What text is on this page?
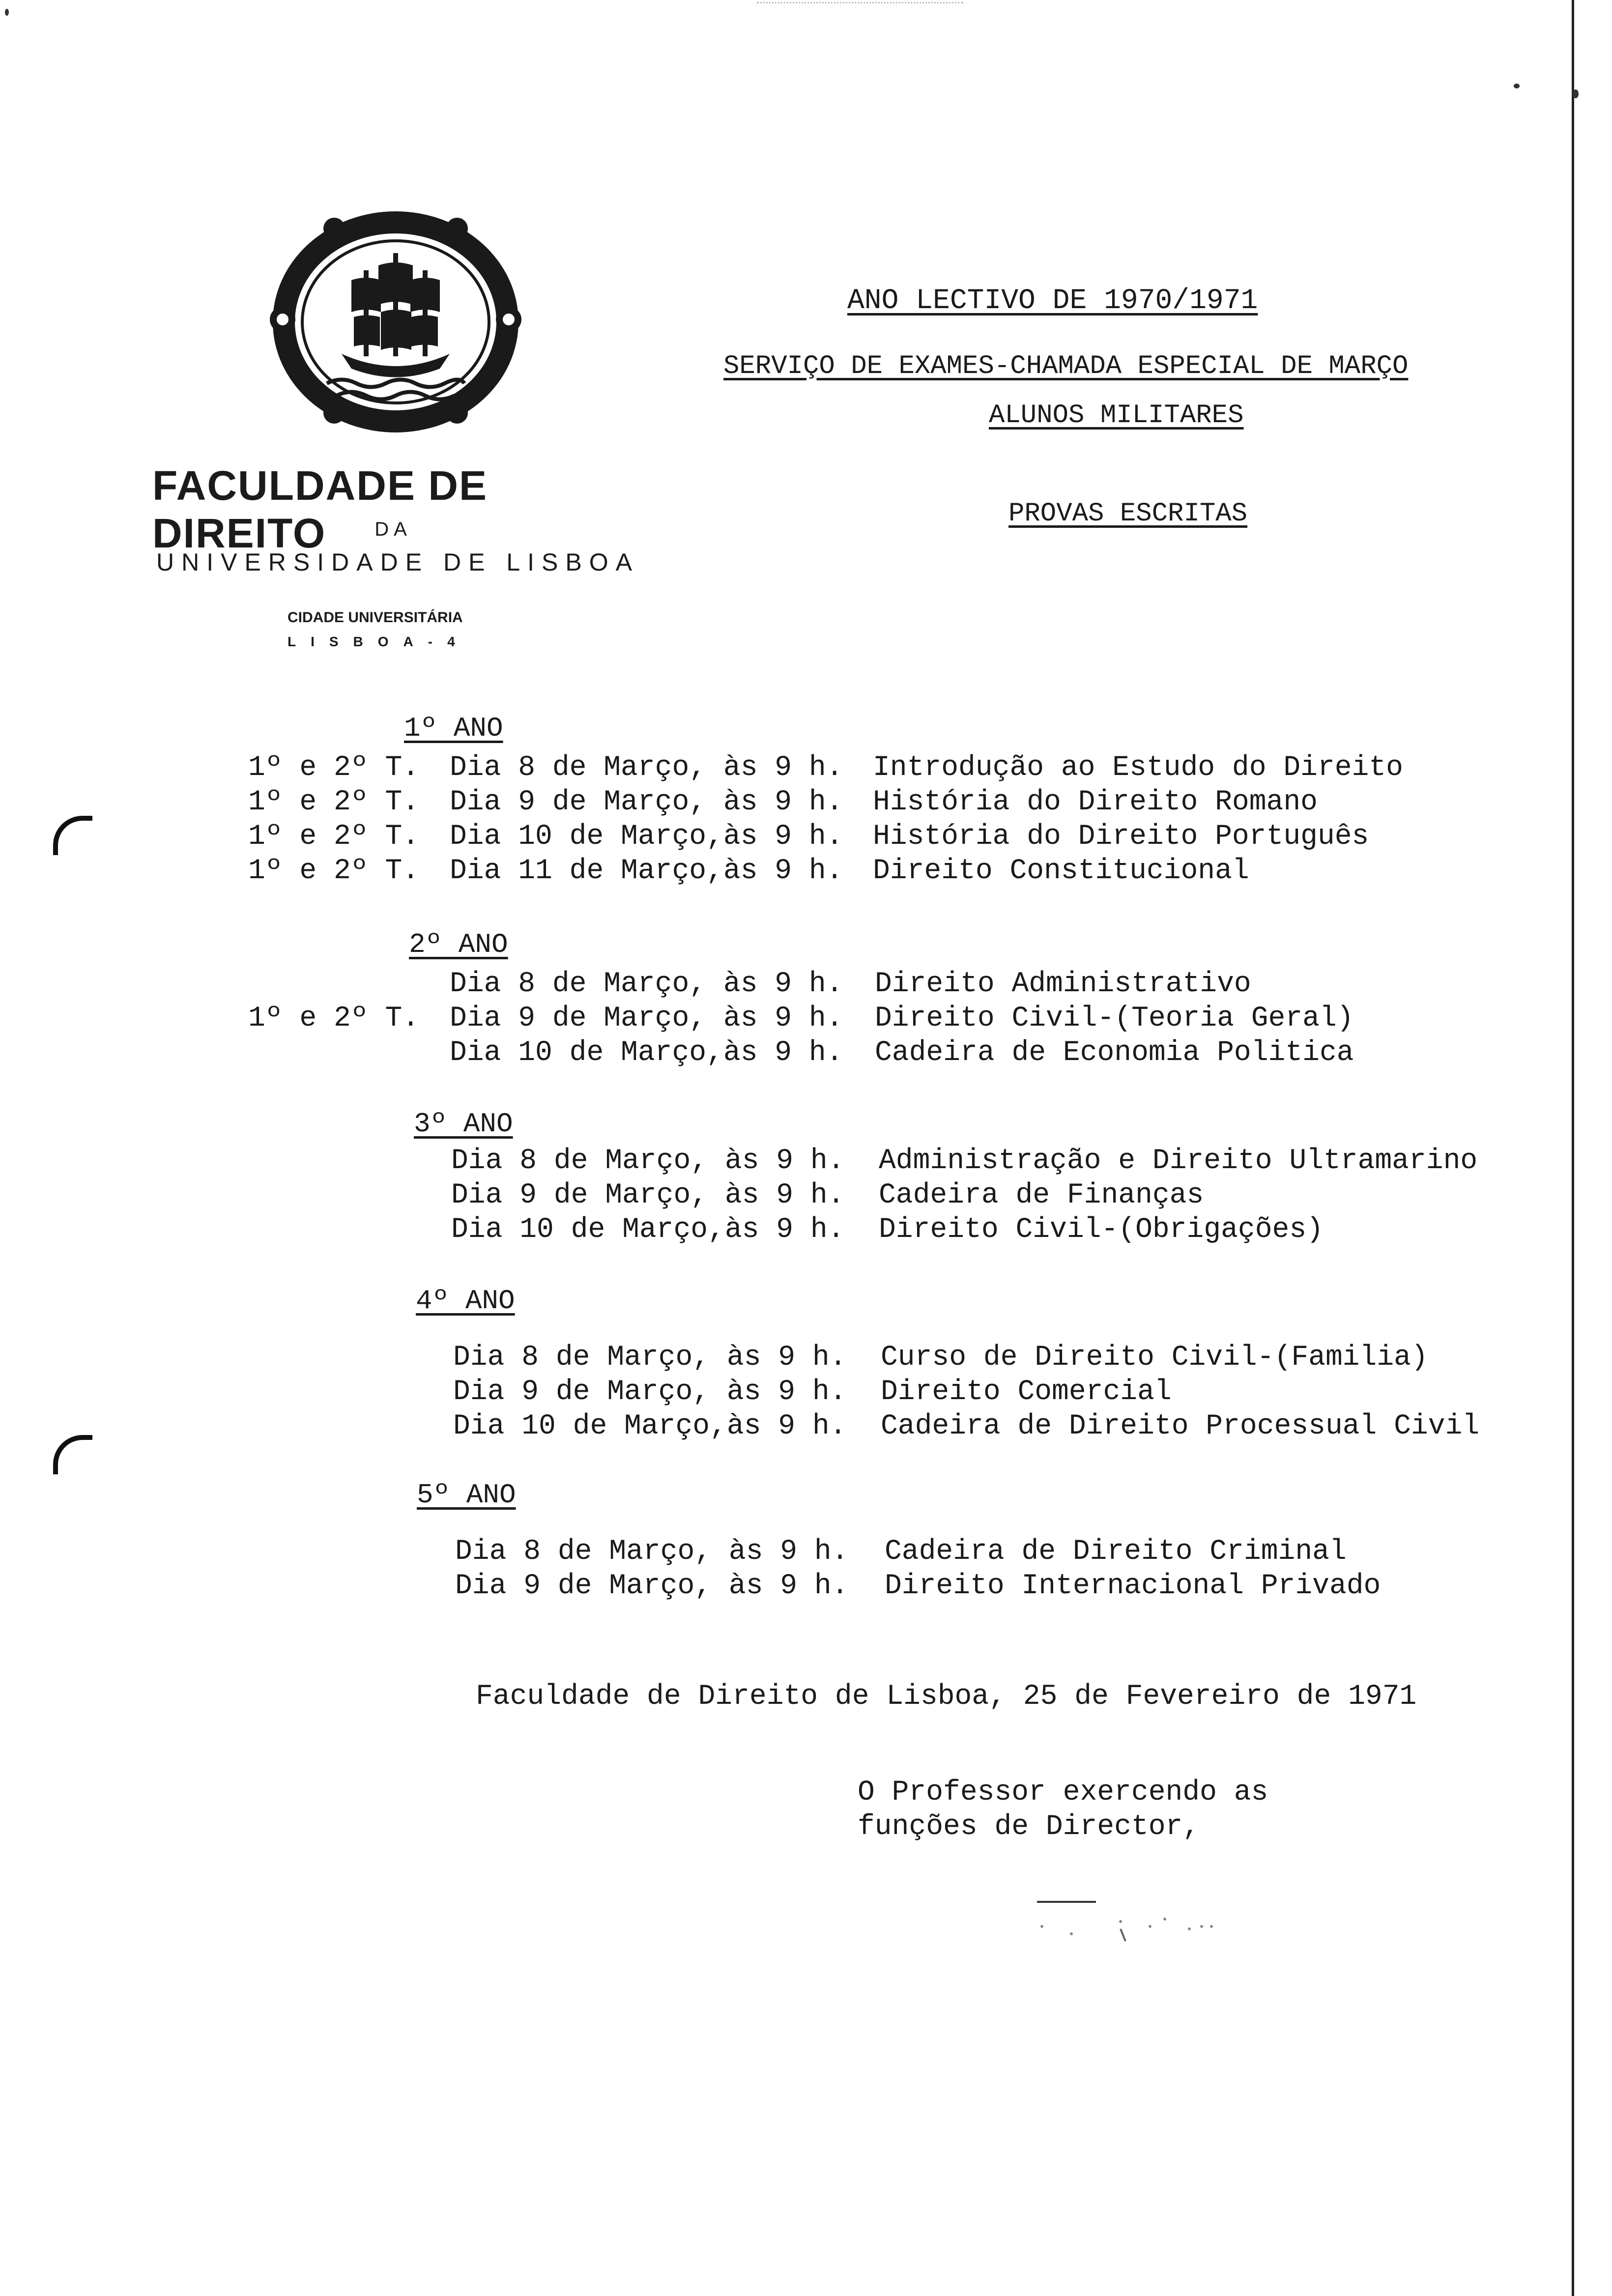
FACULDADE DE DIREITO	DA
UNIVERSIDADE DE LISBOA
CIDADE UNIVERSITÁRIA
LISBOA-4
ANO LECTIVO DE 1970/1971
SERVIÇO DE EXAMES-CHAMADA ESPECIAL DE MARÇO
ALUNOS MILITARES
PROVAS ESCRITAS
1º ANO
1º e 2º T. Dia 8 de Março, às 9 h. Introdução ao Estudo do Direito
1º e 2º T. Dia 9 de Março, às 9 h. História do Direito Romano
1º e 2º T. Dia 10 de Março,às 9 h. História do Direito Português
1º e 2º T. Dia 11 de Março,às 9 h. Direito Constitucional
2º ANO
Dia 8 de Março, às 9 h. Direito Administrativo
1º e 2º T. Dia 9 de Março, às 9 h. Direito Civil-(Teoria Geral)
Dia 10 de Março,às 9 h. Cadeira de Economia Politica
3º ANO
Dia 8 de Março, às 9 h. Administração e Direito Ultramarino
Dia 9 de Março, às 9 h. Cadeira de Finanças
Dia 10 de Março,às 9 h. Direito Civil-(Obrigações)
4º ANO
Dia 8 de Março, às 9 h. Curso de Direito Civil-(Familia)
Dia 9 de Março, às 9 h. Direito Comercial
Dia 10 de Março,às 9 h. Cadeira de Direito Processual Civil
5º ANO
Dia 8 de Março, às 9 h. Cadeira de Direito Criminal
Dia 9 de Março, às 9 h. Direito Internacional Privado
Faculdade de Direito de Lisboa, 25 de Fevereiro de 1971
O Professor exercendo as
funções de Director,
